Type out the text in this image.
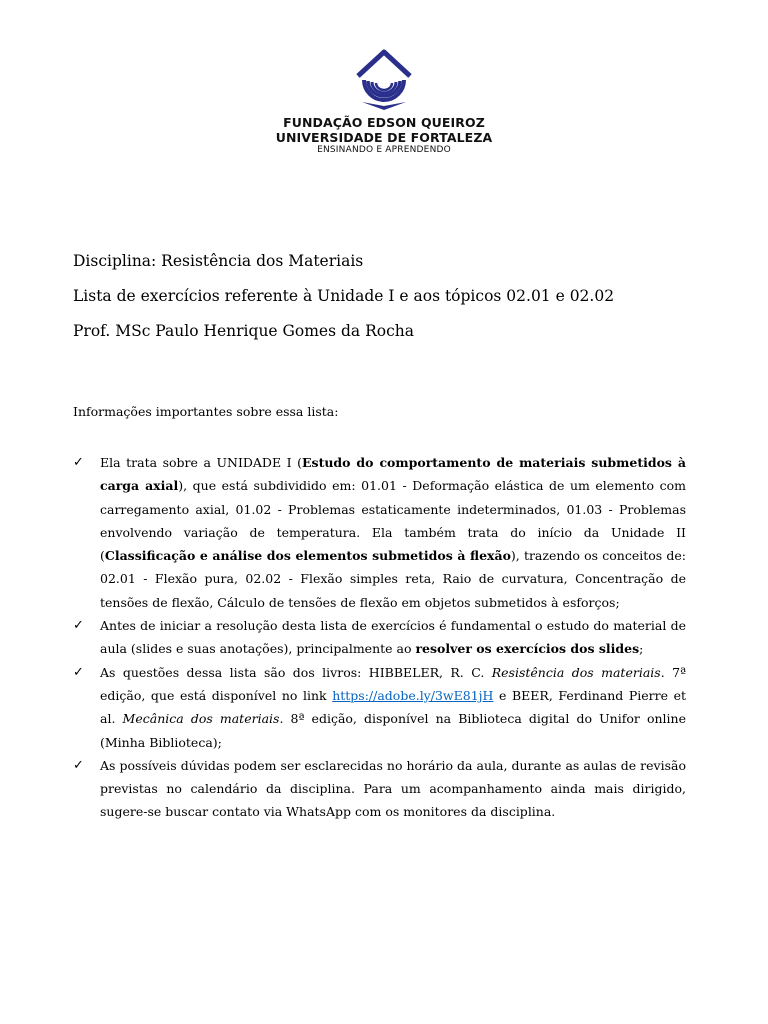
FUNDAÇÃO EDSON QUEIROZ
UNIVERSIDADE DE FORTALEZA
ENSINANDO E APRENDENDO
Disciplina: Resistência dos Materiais
Lista de exercícios referente à Unidade I e aos tópicos 02.01 e 02.02
Prof. MSc Paulo Henrique Gomes da Rocha
Informações importantes sobre essa lista:
✓	Ela trata sobre a UNIDADE I (Estudo do comportamento de materiais submetidos à carga axial), que está subdividido em: 01.01 - Deformação elástica de um elemento com carregamento axial, 01.02 - Problemas estaticamente indeterminados, 01.03 - Problemas envolvendo variação de temperatura. Ela também trata do início da Unidade II (Classificação e análise dos elementos submetidos à flexão), trazendo os conceitos de: 02.01 - Flexão pura, 02.02 - Flexão simples reta, Raio de curvatura, Concentração de tensões de flexão, Cálculo de tensões de flexão em objetos submetidos à esforços;
✓	Antes de iniciar a resolução desta lista de exercícios é fundamental o estudo do material de aula (slides e suas anotações), principalmente ao resolver os exercícios dos slides;
✓	As questões dessa lista são dos livros: HIBBELER, R. C. Resistência dos materiais. 7ª edição, que está disponível no link https://adobe.ly/3wE81jH e BEER, Ferdinand Pierre et al. Mecânica dos materiais. 8ª edição, disponível na Biblioteca digital do Unifor online (Minha Biblioteca);
✓	As possíveis dúvidas podem ser esclarecidas no horário da aula, durante as aulas de revisão previstas no calendário da disciplina. Para um acompanhamento ainda mais dirigido, sugere-se buscar contato via WhatsApp com os monitores da disciplina.
